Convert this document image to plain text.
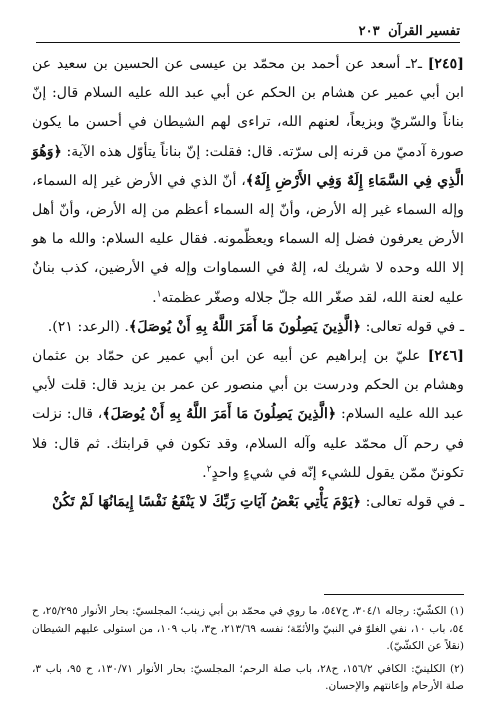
تفسير القرآن ۲۰۳

[۲٤٥] ـ۲ـ أسعد عن أحمد بن محمّد بن عيسى عن الحسين بن سعيد عن ابن أبي عمير عن هشام بن الحكم عن أبي عبد الله عليه السلام قال: إنّ بناناً والسّريّ وبزيعاً، لعنهم الله، تراءى لهم الشيطان في أحسن ما يكون صورة آدميّ من قرنه إلى سرّته. قال: فقلت: إنّ بناناً يتأوّل هذه الآية: ﴿وَهُوَ الَّذِي فِي السَّمَاءِ إِلَهٌ وَفِي الأَرْضِ إِلَهٌ﴾، أنّ الذي في الأرض غير إله السماء، وإله السماء غير إله الأرض، وأنّ إله السماء أعظم من إله الأرض، وأنّ أهل الأرض يعرفون فضل إله السماء ويعظّمونه. فقال عليه السلام: والله ما هو إلا الله وحده لا شريك له، إلهٌ في السماوات وإله في الأرضين، كذب بنانٌ عليه لعنة الله، لقد صغّر الله جلّ جلاله وصغّر عظمته$^۱$.

ـ في قوله تعالى: ﴿الَّذِينَ يَصِلُونَ مَا أَمَرَ اللَّهُ بِهِ أَنْ يُوصَلَ﴾. (الرعد: ۲۱).

[۲٤٦] عليّ بن إبراهيم عن أبيه عن ابن أبي عمير عن حمّاد بن عثمان وهشام بن الحكم ودرست بن أبي منصور عن عمر بن يزيد قال: قلت لأبي عبد الله عليه السلام: ﴿الَّذِينَ يَصِلُونَ مَا أَمَرَ اللَّهُ بِهِ أَنْ يُوصَلَ﴾، قال: نزلت في رحم آل محمّد عليه وآله السلام، وقد تكون في قرابتك. ثم قال: فلا تكوننّ ممّن يقول للشيء إنّه في شيءٍ واحدٍ$^۲$.

ـ في قوله تعالى: ﴿يَوْمَ يَأْتِي بَعْضُ آيَاتِ رَبِّكَ لا يَنْفَعُ نَفْسًا إِيمَانُهَا لَمْ تَكُنْ

(۱) الكشّيّ: رجاله ۳۰٤/۱، ح٥٤۷، ما روي في محمّد بن أبي زينب؛ المجلسيّ: بحار الأنوار ۲٥/۲۹٥، ح ٥٤، باب ۱۰، نفي الغلوّ في النبيّ والأئمّة؛ نفسه ۲۱۳/٦۹، ح۳، باب ۱۰۹، من استولى عليهم الشيطان (نقلاً عن الكشّيّ).

(۲) الكلينيّ: الكافي ۱٥٦/۲، ح۲۸، باب صلة الرحم؛ المجلسيّ: بحار الأنوار ۱۳۰/۷۱، ح ۹٥، باب ۳، صلة الأرحام وإعانتهم والإحسان.
